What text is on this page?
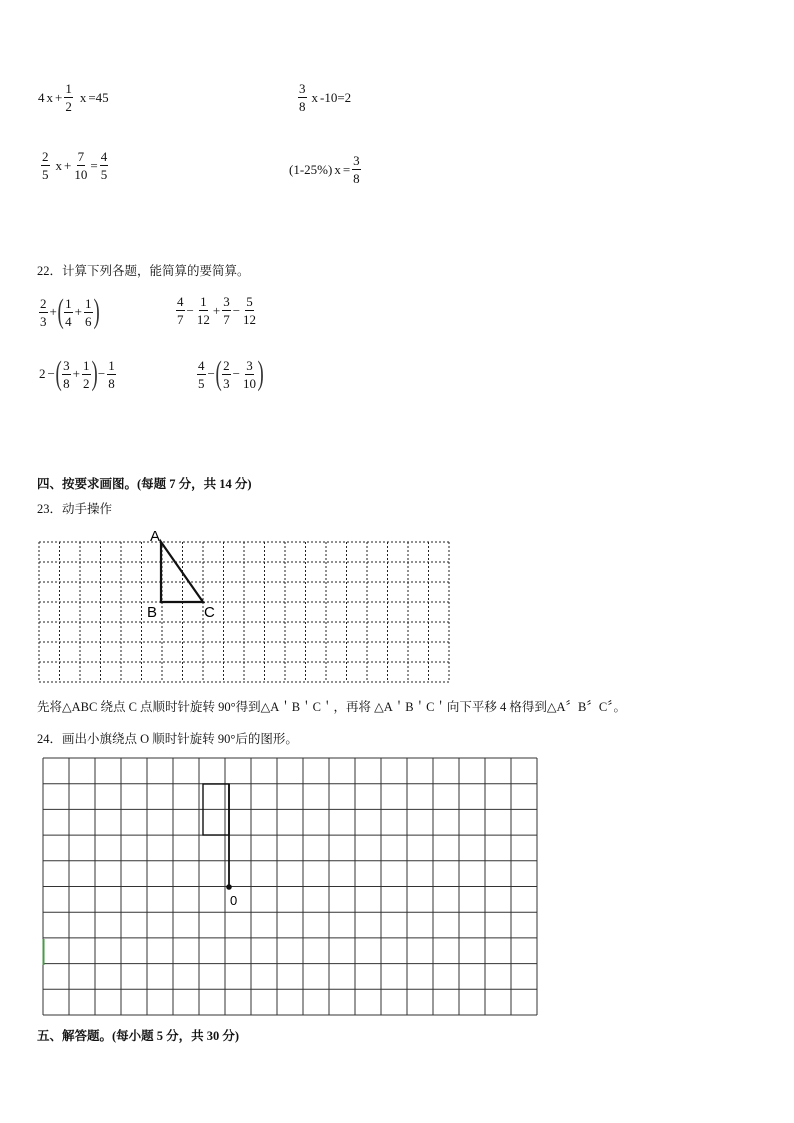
4 $x + \frac{1}{2}$ x =45	$\frac{3}{8}$ x -10=2
$\frac{2}{5}$ $x + \frac{7}{10} = \frac{4}{5}$	(1-25%) $x = \frac{3}{8}$
22．计算下列各题，能简算的要简算。
$\frac{2}{3}$ + ( $\frac{1}{4} + \frac{1}{6}$ )	$\frac{4}{7} - \frac{1}{12} + \frac{3}{7} - \frac{5}{12}$
2 − ( $\frac{3}{8} + \frac{1}{2}$ ) − $\frac{1}{8}$	$\frac{4}{5}$ − ( $\frac{2}{3} - \frac{3}{10}$ )
四、按要求画图。(每题 7 分，共 14 分)
23．动手操作
A
B	C
先将△ABC 绕点 C 点顺时针旋转 90°得到△A＇B＇C＇，再将 △A＇B＇C＇向下平移 4 格得到△A〞B〞C〞。
24．画出小旗绕点 O 顺时针旋转 90°后的图形。
0
五、解答题。(每小题 5 分，共 30 分)
